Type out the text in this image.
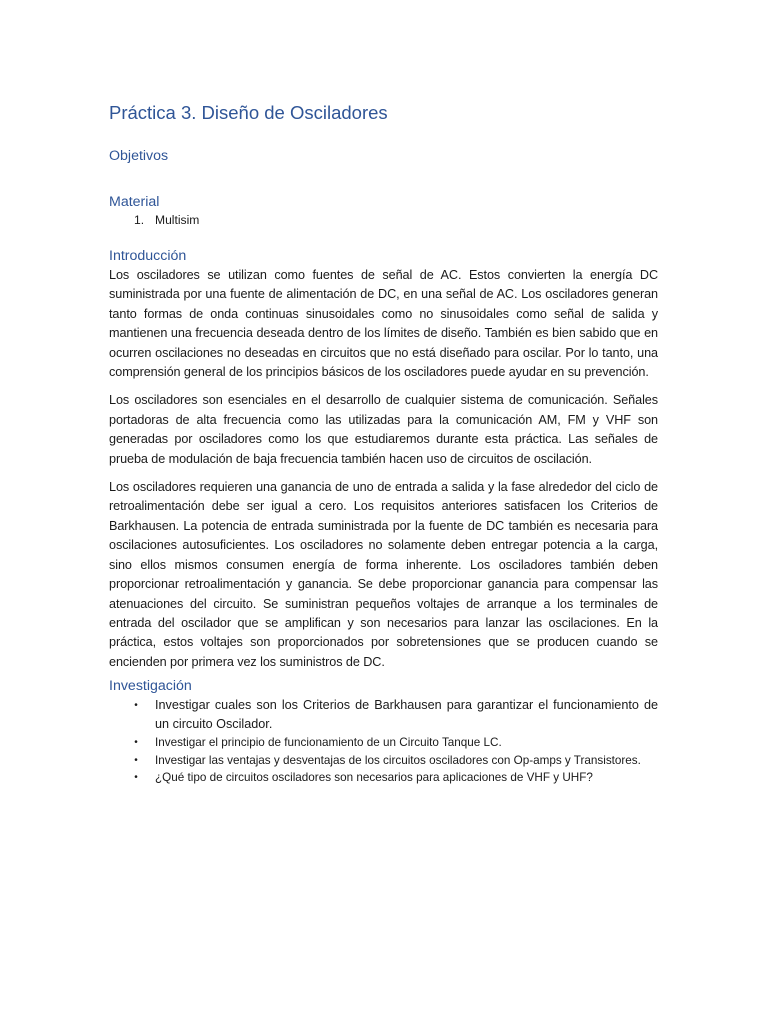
Práctica 3. Diseño de Osciladores
Objetivos
Material
1. Multisim
Introducción

Los osciladores se utilizan como fuentes de señal de AC. Estos convierten la energía DC suministrada por una fuente de alimentación de DC, en una señal de AC. Los osciladores generan tanto formas de onda continuas sinusoidales como no sinusoidales como señal de salida y mantienen una frecuencia deseada dentro de los límites de diseño. También es bien sabido que en ocurren oscilaciones no deseadas en circuitos que no está diseñado para oscilar. Por lo tanto, una comprensión general de los principios básicos de los osciladores puede ayudar en su prevención.

Los osciladores son esenciales en el desarrollo de cualquier sistema de comunicación. Señales portadoras de alta frecuencia como las utilizadas para la comunicación AM, FM y VHF son generadas por osciladores como los que estudiaremos durante esta práctica. Las señales de prueba de modulación de baja frecuencia también hacen uso de circuitos de oscilación.

Los osciladores requieren una ganancia de uno de entrada a salida y la fase alrededor del ciclo de retroalimentación debe ser igual a cero. Los requisitos anteriores satisfacen los Criterios de Barkhausen. La potencia de entrada suministrada por la fuente de DC también es necesaria para oscilaciones autosuficientes. Los osciladores no solamente deben entregar potencia a la carga, sino ellos mismos consumen energía de forma inherente. Los osciladores también deben proporcionar retroalimentación y ganancia. Se debe proporcionar ganancia para compensar las atenuaciones del circuito. Se suministran pequeños voltajes de arranque a los terminales de entrada del oscilador que se amplifican y son necesarios para lanzar las oscilaciones. En la práctica, estos voltajes son proporcionados por sobretensiones que se producen cuando se encienden por primera vez los suministros de DC.

Investigación
• Investigar cuales son los Criterios de Barkhausen para garantizar el funcionamiento de un circuito Oscilador.
• Investigar el principio de funcionamiento de un Circuito Tanque LC.
• Investigar las ventajas y desventajas de los circuitos osciladores con Op-amps y Transistores.
• ¿Qué tipo de circuitos osciladores son necesarios para aplicaciones de VHF y UHF?
